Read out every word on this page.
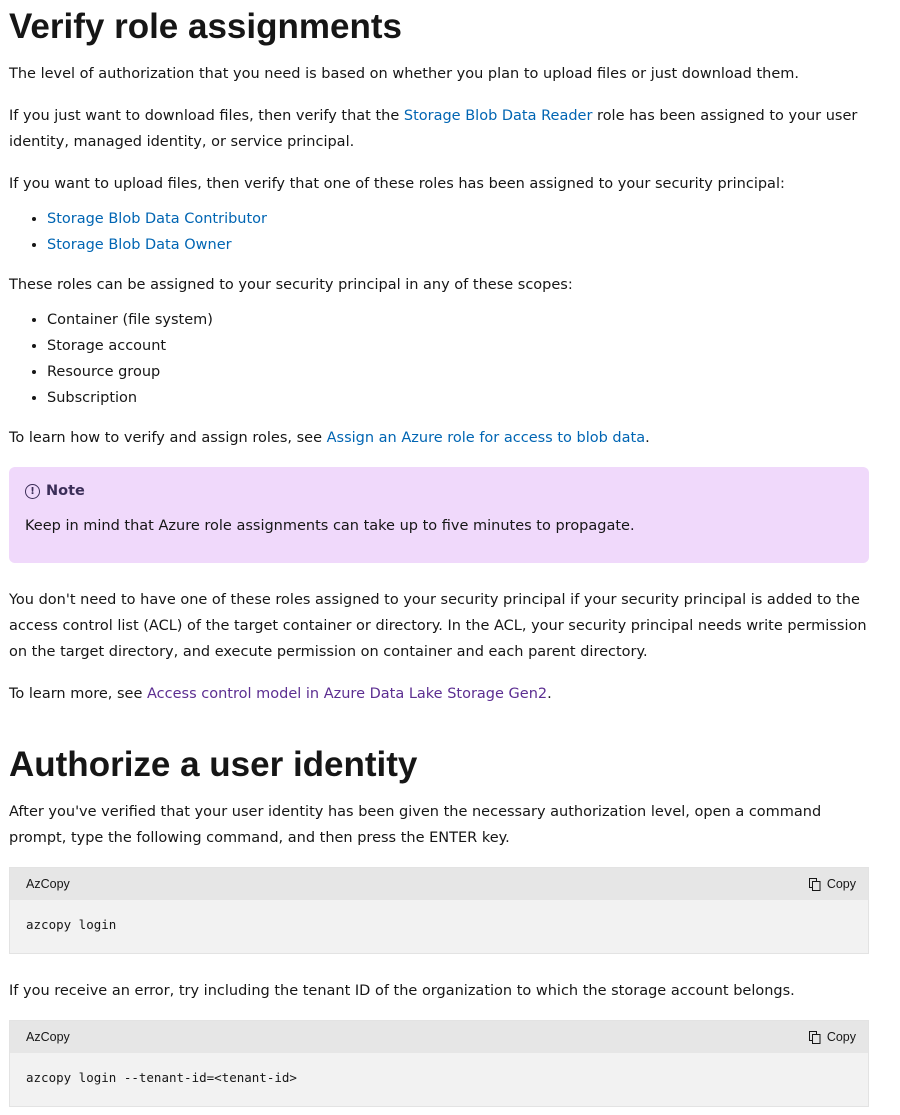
Verify role assignments

The level of authorization that you need is based on whether you plan to upload files or just download them.

If you just want to download files, then verify that the Storage Blob Data Reader role has been assigned to your user identity, managed identity, or service principal.

If you want to upload files, then verify that one of these roles has been assigned to your security principal:

• Storage Blob Data Contributor
• Storage Blob Data Owner

These roles can be assigned to your security principal in any of these scopes:

• Container (file system)
• Storage account
• Resource group
• Subscription

To learn how to verify and assign roles, see Assign an Azure role for access to blob data.

! Note

Keep in mind that Azure role assignments can take up to five minutes to propagate.

You don't need to have one of these roles assigned to your security principal if your security principal is added to the access control list (ACL) of the target container or directory. In the ACL, your security principal needs write permission on the target directory, and execute permission on container and each parent directory.

To learn more, see Access control model in Azure Data Lake Storage Gen2.

Authorize a user identity

After you've verified that your user identity has been given the necessary authorization level, open a command prompt, type the following command, and then press the ENTER key.

AzCopy	Copy
azcopy login

If you receive an error, try including the tenant ID of the organization to which the storage account belongs.

AzCopy	Copy
azcopy login --tenant-id=<tenant-id>
